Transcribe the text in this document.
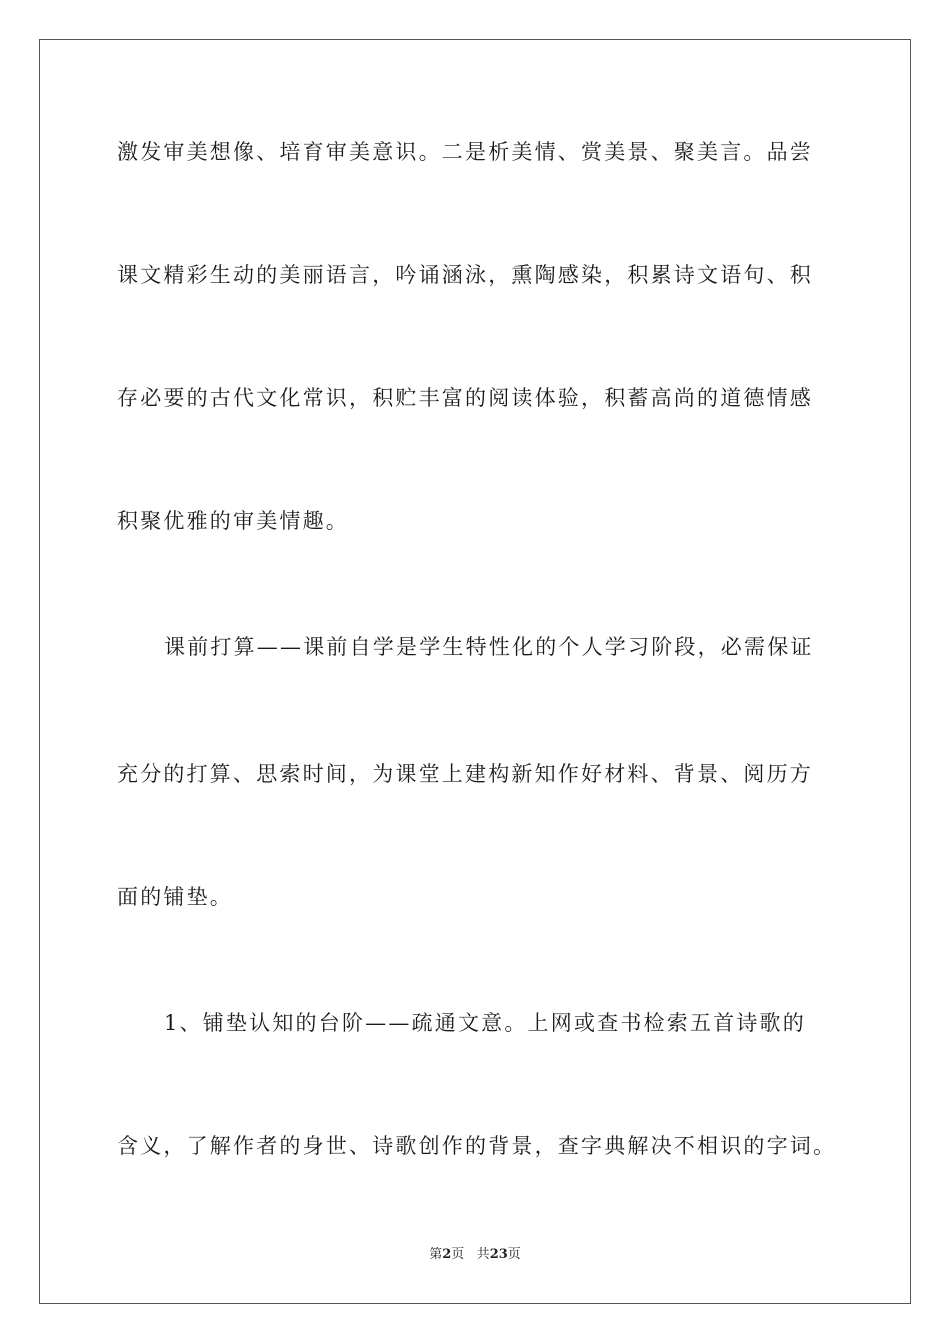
激发审美想像、培育审美意识。二是析美情、赏美景、聚美言。品尝
课文精彩生动的美丽语言，吟诵涵泳，熏陶感染，积累诗文语句、积
存必要的古代文化常识，积贮丰富的阅读体验，积蓄高尚的道德情感
积聚优雅的审美情趣。
课前打算——课前自学是学生特性化的个人学习阶段，必需保证
充分的打算、思索时间，为课堂上建构新知作好材料、背景、阅历方
面的铺垫。
1、铺垫认知的台阶——疏通文意。上网或查书检索五首诗歌的
含义，了解作者的身世、诗歌创作的背景，查字典解决不相识的字词。
第2页 共23页
